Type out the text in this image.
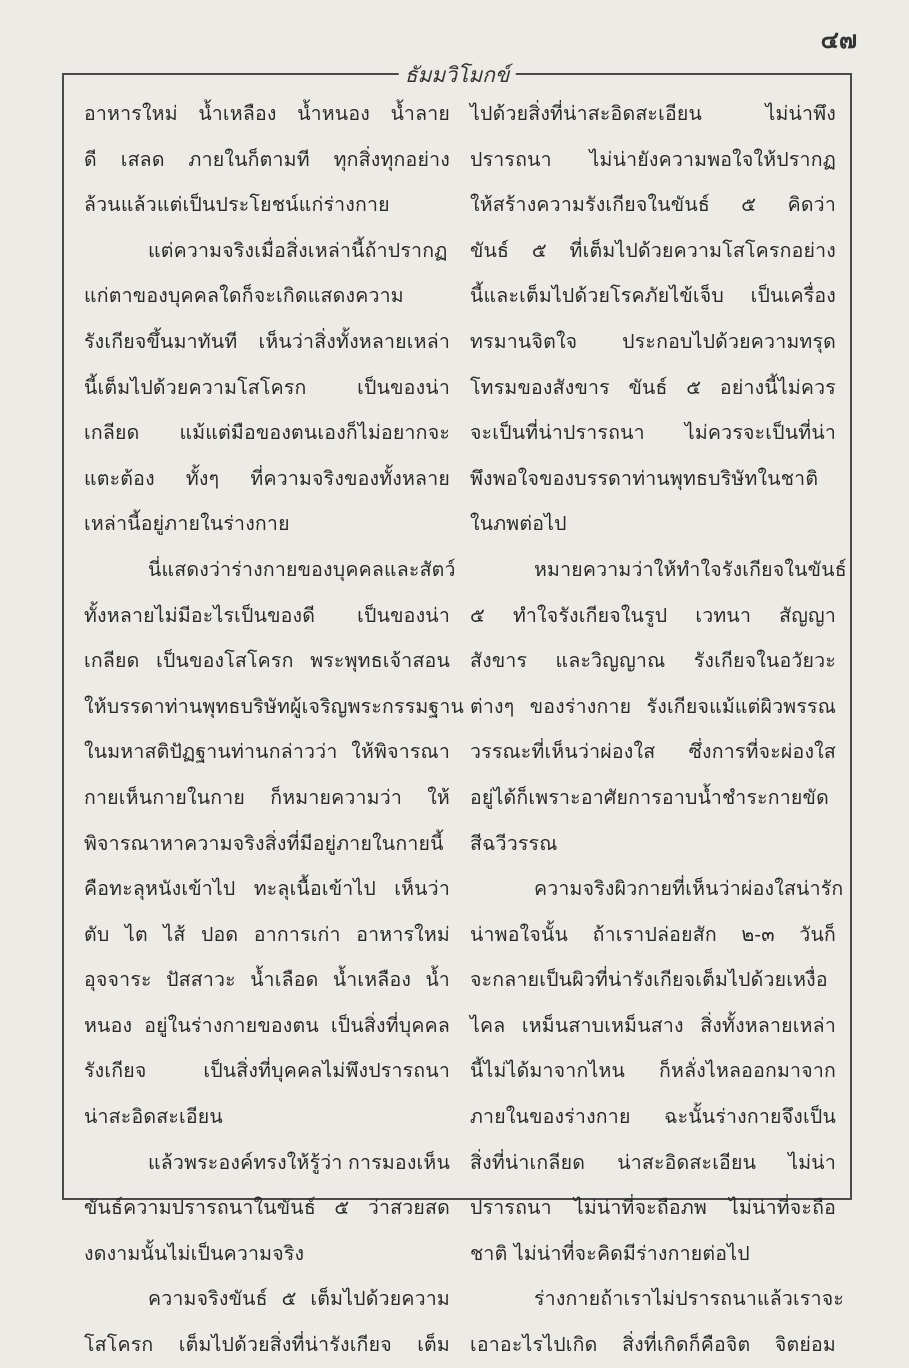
๔๗
ธัมมวิโมกข์
อาหารใหม่ น้ำเหลือง น้ำหนอง น้ำลาย
ดี เสลด ภายในก็ตามที ทุกสิ่งทุกอย่าง
ล้วนแล้วแต่เป็นประโยชน์แก่ร่างกาย
แต่ความจริงเมื่อสิ่งเหล่านี้ถ้าปรากฏ
แก่ตาของบุคคลใดก็จะเกิดแสดงความ
รังเกียจขึ้นมาทันที เห็นว่าสิ่งทั้งหลายเหล่า
นี้เต็มไปด้วยความโสโครก	เป็นของน่า
เกลียด แม้แต่มือของตนเองก็ไม่อยากจะ
แตะต้อง ทั้งๆ ที่ความจริงของทั้งหลาย
เหล่านี้อยู่ภายในร่างกาย
นี่แสดงว่าร่างกายของบุคคลและสัตว์
ทั้งหลายไม่มีอะไรเป็นของดี เป็นของน่า
เกลียด เป็นของโสโครก พระพุทธเจ้าสอน
ให้บรรดาท่านพุทธบริษัทผู้เจริญพระกรรมฐาน
ในมหาสติปัฏฐานท่านกล่าวว่า ให้พิจารณา
กายเห็นกายในกาย ก็หมายความว่า ให้
พิจารณาหาความจริงสิ่งที่มีอยู่ภายในกายนี้
คือทะลุหนังเข้าไป ทะลุเนื้อเข้าไป เห็นว่า
ตับ ไต ไส้ ปอด อาการเก่า อาหารใหม่
อุจจาระ ปัสสาวะ น้ำเลือด น้ำเหลือง น้ำ
หนอง อยู่ในร่างกายของตน เป็นสิ่งที่บุคคล
รังเกียจ	เป็นสิ่งที่บุคคลไม่พึงปรารถนา
น่าสะอิดสะเอียน
แล้วพระองค์ทรงให้รู้ว่า การมองเห็น
ขันธ์ความปรารถนาในขันธ์ ๕ ว่าสวยสด
งดงามนั้นไม่เป็นความจริง
ความจริงขันธ์ ๕ เต็มไปด้วยความ
โสโครก เต็มไปด้วยสิ่งที่น่ารังเกียจ เต็ม
ไปด้วยสิ่งที่น่าสะอิดสะเอียน	ไม่น่าพึง
ปรารถนา ไม่น่ายังความพอใจให้ปรากฏ
ให้สร้างความรังเกียจในขันธ์ ๕ คิดว่า
ขันธ์ ๕ ที่เต็มไปด้วยความโสโครกอย่าง
นี้และเต็มไปด้วยโรคภัยไข้เจ็บ เป็นเครื่อง
ทรมานจิตใจ ประกอบไปด้วยความทรุด
โทรมของสังขาร ขันธ์ ๕ อย่างนี้ไม่ควร
จะเป็นที่น่าปรารถนา ไม่ควรจะเป็นที่น่า
พึงพอใจของบรรดาท่านพุทธบริษัทในชาติ
ในภพต่อไป
หมายความว่าให้ทำใจรังเกียจในขันธ์
๕ ทำใจรังเกียจในรูป เวทนา สัญญา
สังขาร และวิญญาณ รังเกียจในอวัยวะ
ต่างๆ ของร่างกาย รังเกียจแม้แต่ผิวพรรณ
วรรณะที่เห็นว่าผ่องใส ซึ่งการที่จะผ่องใส
อยู่ได้ก็เพราะอาศัยการอาบน้ำชำระกายขัด
สีฉวีวรรณ
ความจริงผิวกายที่เห็นว่าผ่องใสน่ารัก
น่าพอใจนั้น ถ้าเราปล่อยสัก ๒-๓ วันก็
จะกลายเป็นผิวที่น่ารังเกียจเต็มไปด้วยเหงื่อ
ไคล เหม็นสาบเหม็นสาง สิ่งทั้งหลายเหล่า
นี้ไม่ได้มาจากไหน ก็หลั่งไหลออกมาจาก
ภายในของร่างกาย ฉะนั้นร่างกายจึงเป็น
สิ่งที่น่าเกลียด น่าสะอิดสะเอียน ไม่น่า
ปรารถนา ไม่น่าที่จะถือภพ ไม่น่าที่จะถือ
ชาติ ไม่น่าที่จะคิดมีร่างกายต่อไป
ร่างกายถ้าเราไม่ปรารถนาแล้วเราจะ
เอาอะไรไปเกิด สิ่งที่เกิดก็คือจิต จิตย่อม
